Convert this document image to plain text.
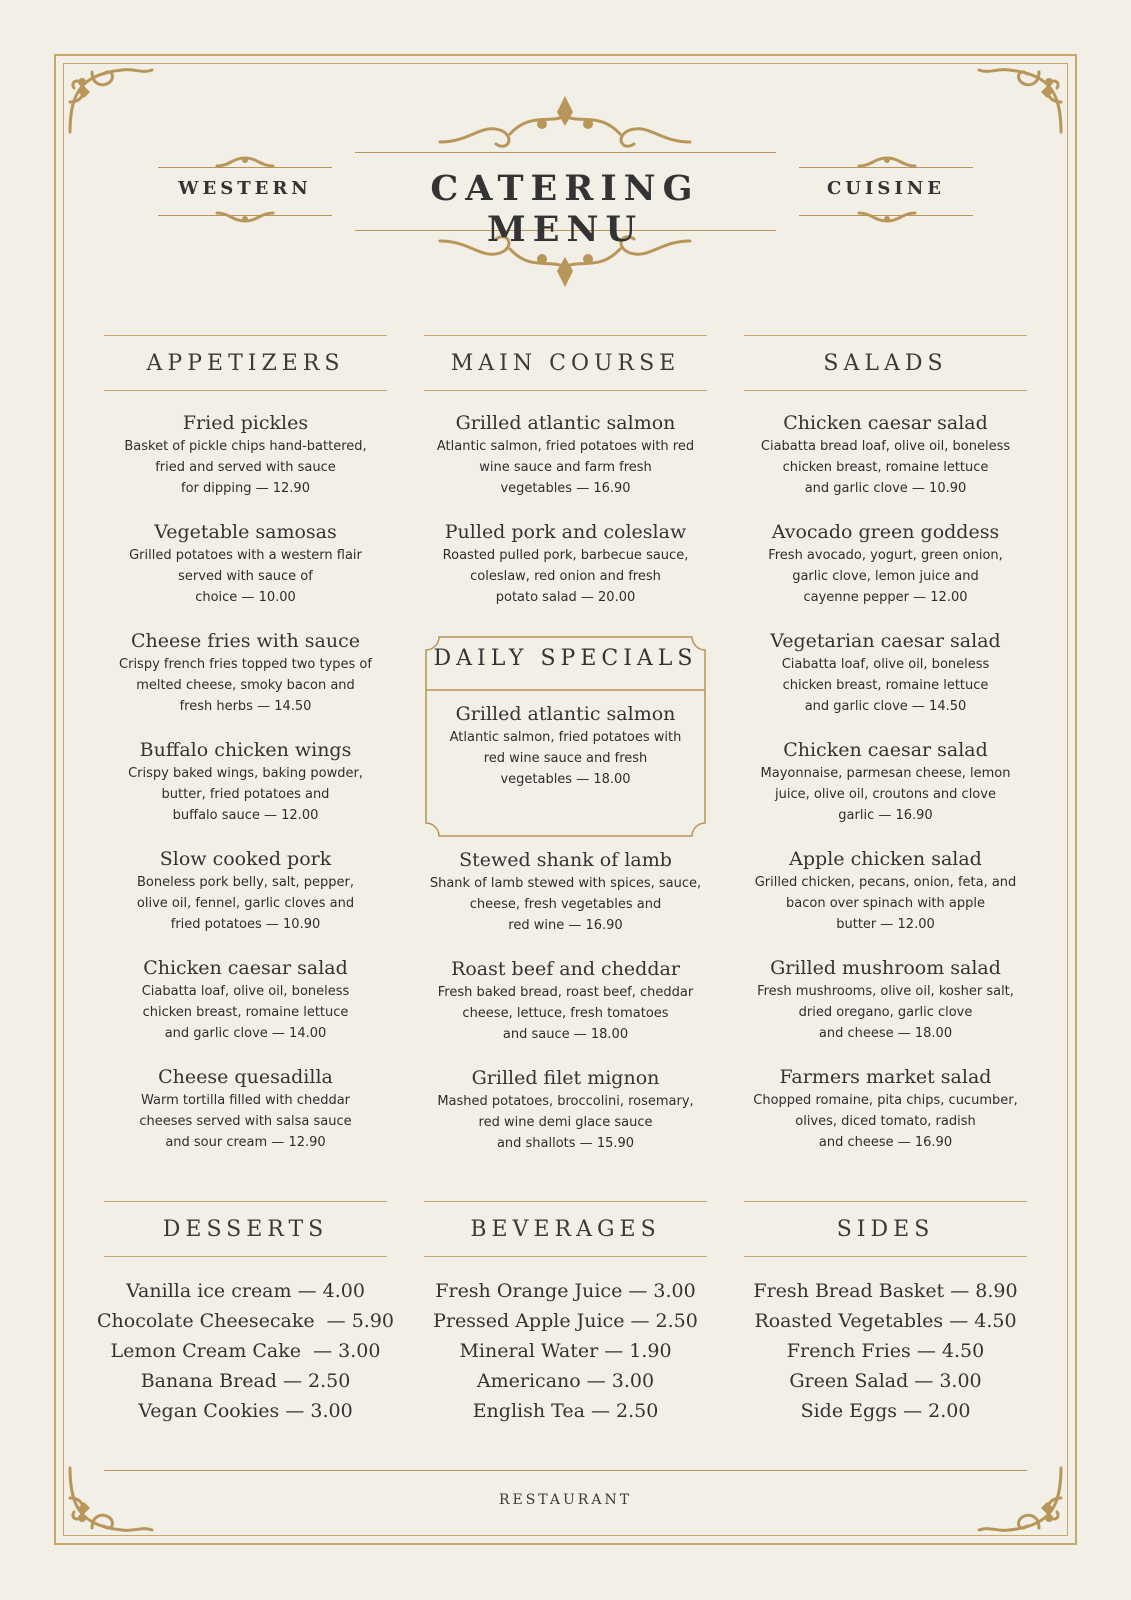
WESTERN	CATERING MENU
CUISINE
APPETIZERS	MAIN COURSE	SALADS
Fried pickles
Basket of pickle chips hand-battered,
fried and served with sauce
for dipping — 12.90
Vegetable samosas
Grilled potatoes with a western flair
served with sauce of
choice — 10.00
Cheese fries with sauce
Crispy french fries topped two types of
melted cheese, smoky bacon and
fresh herbs — 14.50
Buffalo chicken wings
Crispy baked wings, baking powder,
butter, fried potatoes and
buffalo sauce — 12.00
Slow cooked pork
Boneless pork belly, salt, pepper,
olive oil, fennel, garlic cloves and
fried potatoes — 10.90
Chicken caesar salad
Ciabatta loaf, olive oil, boneless
chicken breast, romaine lettuce
and garlic clove — 14.00
Cheese quesadilla
Warm tortilla filled with cheddar
cheeses served with salsa sauce
and sour cream — 12.90
Grilled atlantic salmon
Atlantic salmon, fried potatoes with red
wine sauce and farm fresh
vegetables — 16.90
Pulled pork and coleslaw
Roasted pulled pork, barbecue sauce,
coleslaw, red onion and fresh
potato salad — 20.00
DAILY SPECIALS
Grilled atlantic salmon
Atlantic salmon, fried potatoes with
red wine sauce and fresh
vegetables — 18.00
Stewed shank of lamb
Shank of lamb stewed with spices, sauce,
cheese, fresh vegetables and
red wine — 16.90
Roast beef and cheddar
Fresh baked bread, roast beef, cheddar
cheese, lettuce, fresh tomatoes
and sauce — 18.00
Grilled filet mignon
Mashed potatoes, broccolini, rosemary,
red wine demi glace sauce
and shallots — 15.90
Chicken caesar salad
Ciabatta bread loaf, olive oil, boneless
chicken breast, romaine lettuce
and garlic clove — 10.90
Avocado green goddess
Fresh avocado, yogurt, green onion,
garlic clove, lemon juice and
cayenne pepper — 12.00
Vegetarian caesar salad
Ciabatta loaf, olive oil, boneless
chicken breast, romaine lettuce
and garlic clove — 14.50
Chicken caesar salad
Mayonnaise, parmesan cheese, lemon
juice, olive oil, croutons and clove
garlic — 16.90
Apple chicken salad
Grilled chicken, pecans, onion, feta, and
bacon over spinach with apple
butter — 12.00
Grilled mushroom salad
Fresh mushrooms, olive oil, kosher salt,
dried oregano, garlic clove
and cheese — 18.00
Farmers market salad
Chopped romaine, pita chips, cucumber,
olives, diced tomato, radish
and cheese — 16.90
DESSERTS	BEVERAGES	SIDES
Vanilla ice cream — 4.00
Chocolate Cheesecake  — 5.90
Lemon Cream Cake  — 3.00
Banana Bread — 2.50
Vegan Cookies — 3.00
Fresh Orange Juice — 3.00
Pressed Apple Juice — 2.50
Mineral Water — 1.90
Americano — 3.00
English Tea — 2.50
Fresh Bread Basket — 8.90
Roasted Vegetables — 4.50
French Fries — 4.50
Green Salad — 3.00
Side Eggs — 2.00
RESTAURANT
